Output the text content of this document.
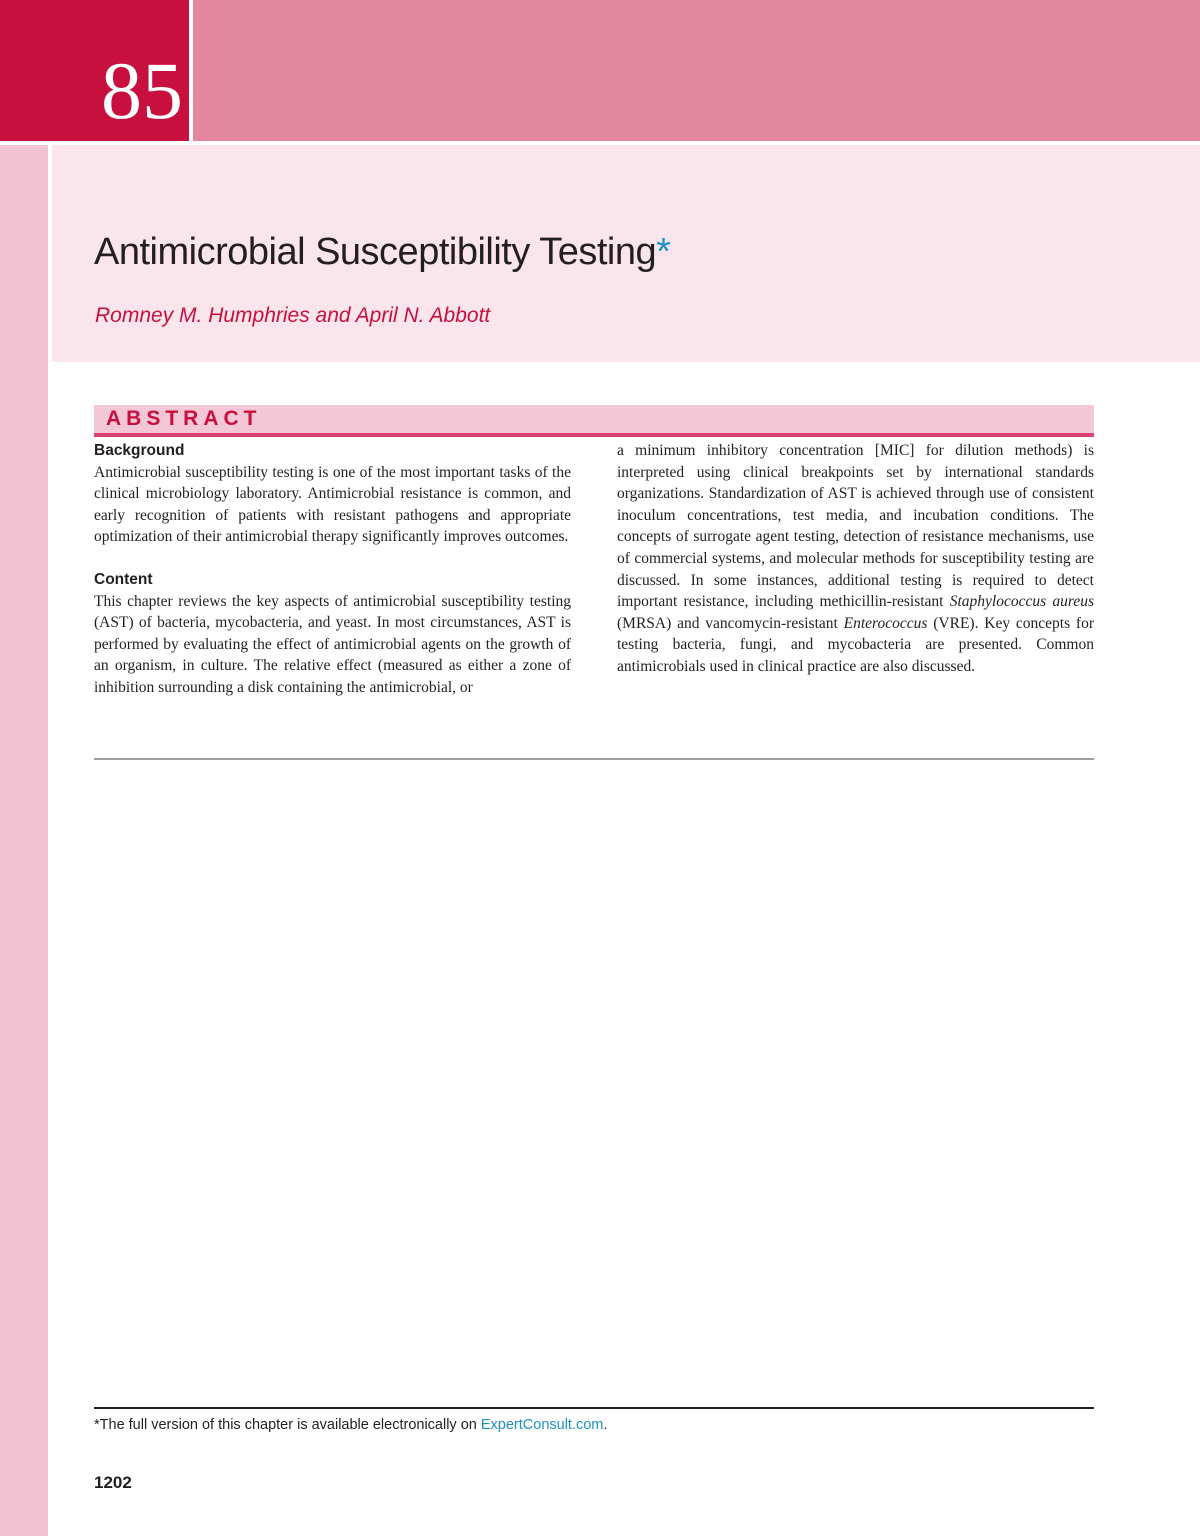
85
Antimicrobial Susceptibility Testing*
Romney M. Humphries and April N. Abbott
ABSTRACT

Background

Antimicrobial susceptibility testing is one of the most important tasks of the clinical microbiology laboratory. Antimicrobial resistance is common, and early recognition of patients with resistant pathogens and appropriate optimization of their antimicrobial therapy significantly improves outcomes.

Content

This chapter reviews the key aspects of antimicrobial susceptibility testing (AST) of bacteria, mycobacteria, and yeast. In most circumstances, AST is performed by evaluating the effect of antimicrobial agents on the growth of an organism, in culture. The relative effect (measured as either a zone of inhibition surrounding a disk containing the antimicrobial, or

a minimum inhibitory concentration [MIC] for dilution methods) is interpreted using clinical breakpoints set by international standards organizations. Standardization of AST is achieved through use of consistent inoculum concentrations, test media, and incubation conditions. The concepts of surrogate agent testing, detection of resistance mechanisms, use of commercial systems, and molecular methods for susceptibility testing are discussed. In some instances, additional testing is required to detect important resistance, including methicillin-resistant Staphylococcus aureus (MRSA) and vancomycin-resistant Enterococcus (VRE). Key concepts for testing bacteria, fungi, and mycobacteria are presented. Common antimicrobials used in clinical practice are also discussed.

*The full version of this chapter is available electronically on ExpertConsult.com.
1202
